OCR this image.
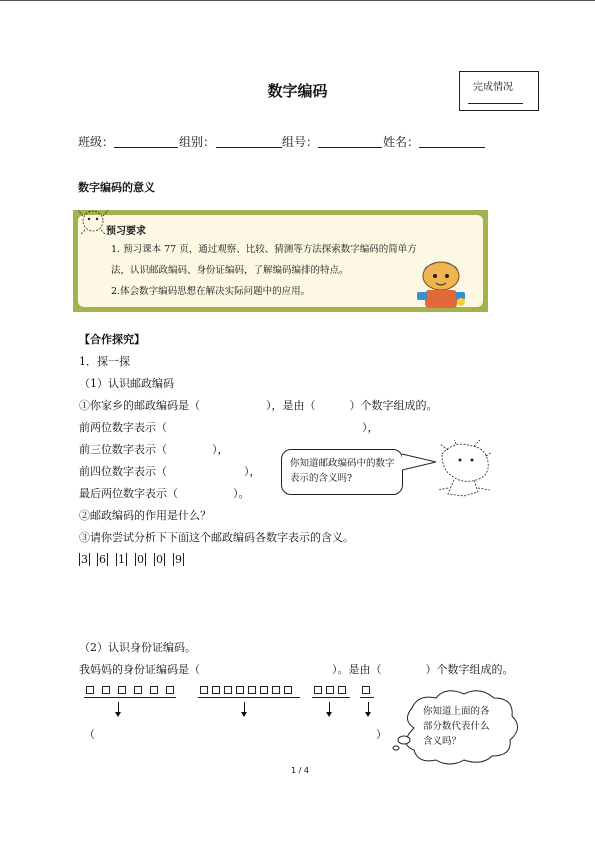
数字编码	完成情况
班级：	组别：	组号：	姓名：
数字编码的意义
预习要求
1. 预习课本 77 页，通过观察、比较、猜测等方法探索数字编码的简单方
法，认识邮政编码、身份证编码，了解编码编排的特点。
2.体会数字编码思想在解决实际问题中的应用。
【合作探究】
1．探一探
（1）认识邮政编码
①你家乡的邮政编码是（	），是由（	）个数字组成的。
前两位数字表示（	），
前三位数字表示（	），
前四位数字表示（	），
最后两位数字表示（	）。
你知道邮政编码中的数字表示的含义吗?
②邮政编码的作用是什么？
③请你尝试分析下下面这个邮政编码各数字表示的含义。
3 6 1 0 0 9
（2）认识身份证编码。
我妈妈的身份证编码是（	）。是由（	）个数字组成的。
（	）
你知道上面的各部分数代表什么含义吗？
1 / 4
